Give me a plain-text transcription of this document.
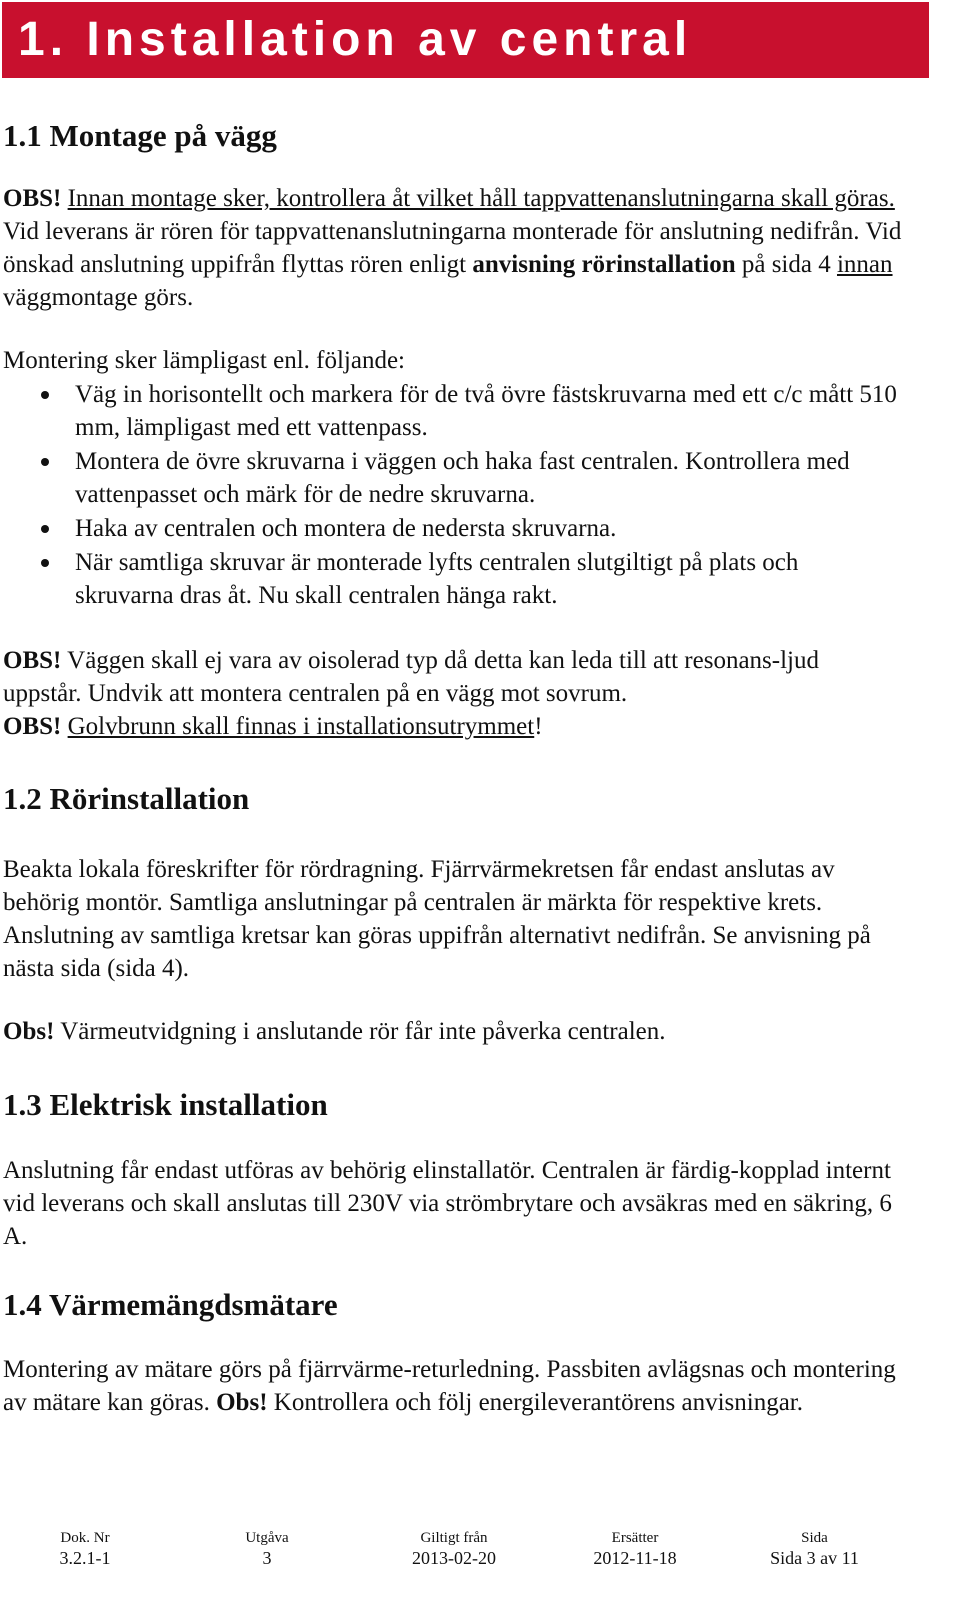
1. Installation av central
1.1 Montage på vägg

OBS! Innan montage sker, kontrollera åt vilket håll tappvattenanslutningarna skall göras. Vid leverans är rören för tappvattenanslutningarna monterade för anslutning nedifrån. Vid önskad anslutning uppifrån flyttas rören enligt anvisning rörinstallation på sida 4 innan väggmontage görs.

Montering sker lämpligast enl. följande:
Väg in horisontellt och markera för de två övre fästskruvarna med ett c/c mått 510 mm, lämpligast med ett vattenpass.
Montera de övre skruvarna i väggen och haka fast centralen. Kontrollera med vattenpasset och märk för de nedre skruvarna.
Haka av centralen och montera de nedersta skruvarna.
När samtliga skruvar är monterade lyfts centralen slutgiltigt på plats och skruvarna dras åt. Nu skall centralen hänga rakt.

OBS! Väggen skall ej vara av oisolerad typ då detta kan leda till att resonans-ljud uppstår. Undvik att montera centralen på en vägg mot sovrum.

OBS! Golvbrunn skall finnas i installationsutrymmet!

1.2 Rörinstallation
Beakta lokala föreskrifter för rördragning. Fjärrvärmekretsen får endast anslutas av behörig montör. Samtliga anslutningar på centralen är märkta för respektive krets. Anslutning av samtliga kretsar kan göras uppifrån alternativt nedifrån. Se anvisning på nästa sida (sida 4).

Obs! Värmeutvidgning i anslutande rör får inte påverka centralen.

1.3 Elektrisk installation
Anslutning får endast utföras av behörig elinstallatör. Centralen är färdig-kopplad internt vid leverans och skall anslutas till 230V via strömbrytare och avsäkras med en säkring, 6 A.
1.4 Värmemängdsmätare

Montering av mätare görs på fjärrvärme-returledning. Passbiten avlägsnas och montering av mätare kan göras. Obs! Kontrollera och följ energileverantörens anvisningar.

Dok. Nr
3.2.1-1
Utgåva
3
Giltigt från
2013-02-20
Ersätter
2012-11-18
Sida
Sida 3 av 11
